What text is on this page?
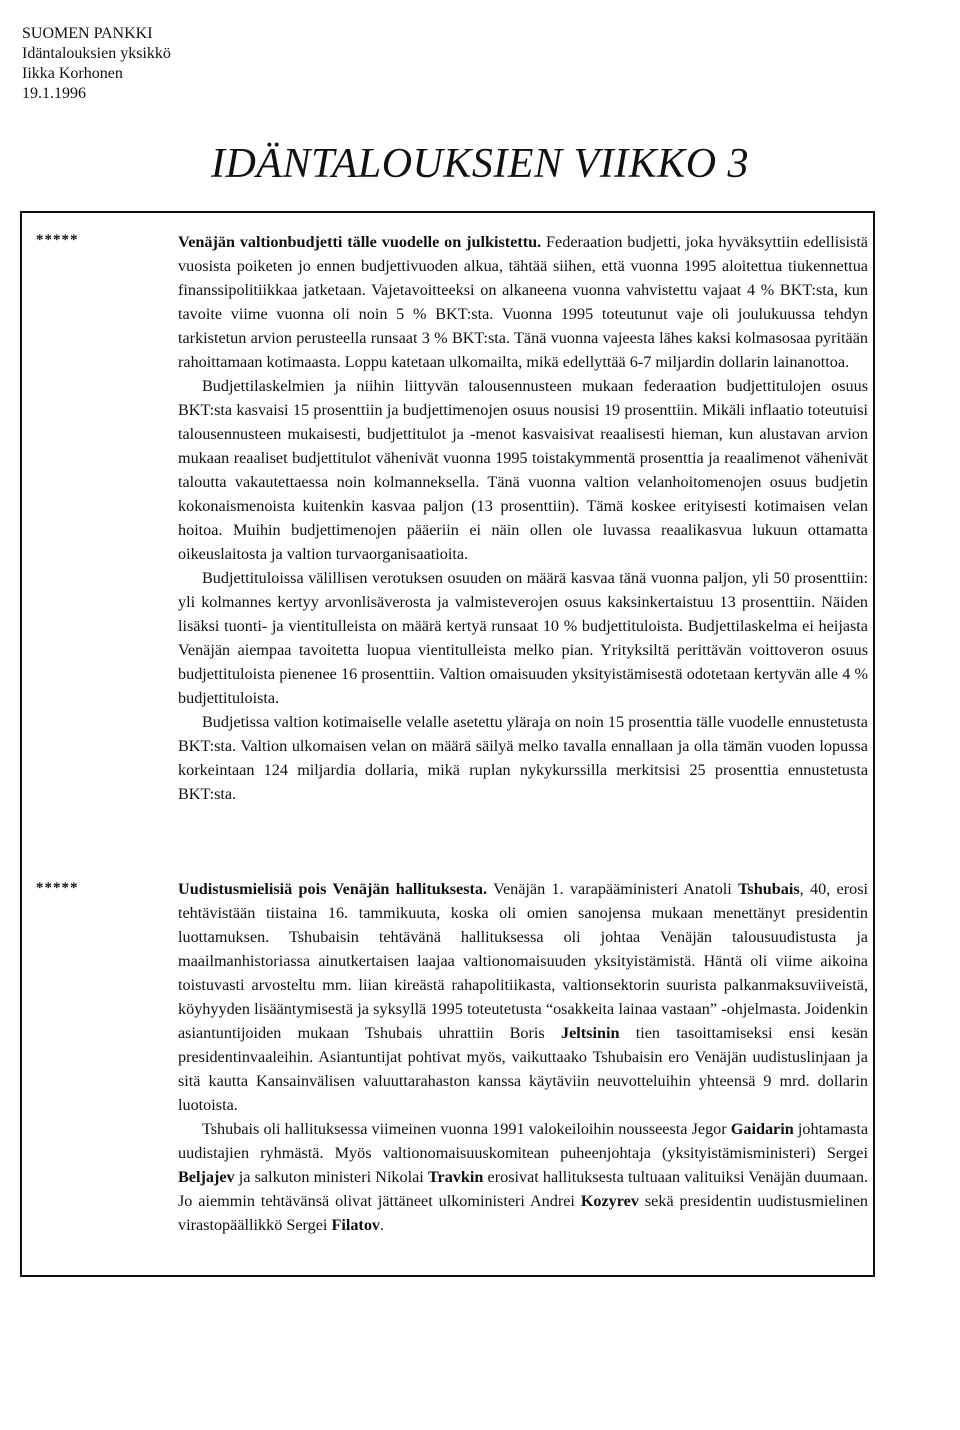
SUOMEN PANKKI
Idäntalouksien yksikkö
Iikka Korhonen
19.1.1996
IDÄNTALOUKSIEN VIIKKO 3
*****	Venäjän valtionbudjetti tälle vuodelle on julkistettu. Federaation budjetti, joka hyväksyttiin edellisistä vuosista poiketen jo ennen budjettivuoden alkua, tähtää siihen, että vuonna 1995 aloitettua tiukennettua finanssipolitiikkaa jatketaan. Vajetavoitteeksi on alkaneena vuonna vahvistettu vajaat 4 % BKT:sta, kun tavoite viime vuonna oli noin 5 % BKT:sta. Vuonna 1995 toteutunut vaje oli joulukuussa tehdyn tarkistetun arvion perusteella runsaat 3 % BKT:sta. Tänä vuonna vajeesta lähes kaksi kolmasosaa pyritään rahoittamaan kotimaasta. Loppu katetaan ulkomailta, mikä edellyttää 6-7 miljardin dollarin lainanottoa.

Budjettilaskelmien ja niihin liittyvän talousennusteen mukaan federaation budjettitulojen osuus BKT:sta kasvaisi 15 prosenttiin ja budjettimenojen osuus nousisi 19 prosenttiin. Mikäli inflaatio toteutuisi talousennusteen mukaisesti, budjettitulot ja -menot kasvaisivat reaalisesti hieman, kun alustavan arvion mukaan reaaliset budjettitulot vähenivät vuonna 1995 toistakymmentä prosenttia ja reaalimenot vähenivät taloutta vakautettaessa noin kolmanneksella. Tänä vuonna valtion velanhoitomenojen osuus budjetin kokonaismenoista kuitenkin kasvaa paljon (13 prosenttiin). Tämä koskee erityisesti kotimaisen velan hoitoa. Muihin budjettimenojen pääeriin ei näin ollen ole luvassa reaalikasvua lukuun ottamatta oikeuslaitosta ja valtion turvaorganisaatioita.

Budjettituloissa välillisen verotuksen osuuden on määrä kasvaa tänä vuonna paljon, yli 50 prosenttiin: yli kolmannes kertyy arvonlisäverosta ja valmisteverojen osuus kaksinkertaistuu 13 prosenttiin. Näiden lisäksi tuonti- ja vientitulleista on määrä kertyä runsaat 10 % budjettituloista. Budjettilaskelma ei heijasta Venäjän aiempaa tavoitetta luopua vientitulleista melko pian. Yrityksiltä perittävän voittoveron osuus budjettituloista pienenee 16 prosenttiin. Valtion omaisuuden yksityistämisestä odotetaan kertyvän alle 4 % budjettituloista.

Budjetissa valtion kotimaiselle velalle asetettu yläraja on noin 15 prosenttia tälle vuodelle ennustetusta BKT:sta. Valtion ulkomaisen velan on määrä säilyä melko tavalla ennallaan ja olla tämän vuoden lopussa korkeintaan 124 miljardia dollaria, mikä ruplan nykykurssilla merkitsisi 25 prosenttia ennustetusta BKT:sta.

*****	Uudistusmielisiä pois Venäjän hallituksesta. Venäjän 1. varapääministeri Anatoli Tshubais, 40, erosi tehtävistään tiistaina 16. tammikuuta, koska oli omien sanojensa mukaan menettänyt presidentin luottamuksen. Tshubaisin tehtävänä hallituksessa oli johtaa Venäjän talousuudistusta ja maailmanhistoriassa ainutkertaisen laajaa valtionomaisuuden yksityistämistä. Häntä oli viime aikoina toistuvasti arvosteltu mm. liian kireästä rahapolitiikasta, valtionsektorin suurista palkanmaksuviiveistä, köyhyyden lisääntymisestä ja syksyllä 1995 toteutetusta “osakkeita lainaa vastaan” -ohjelmasta. Joidenkin asiantuntijoiden mukaan Tshubais uhrattiin Boris Jeltsinin tien tasoittamiseksi ensi kesän presidentinvaaleihin. Asiantuntijat pohtivat myös, vaikuttaako Tshubaisin ero Venäjän uudistuslinjaan ja sitä kautta Kansainvälisen valuuttarahaston kanssa käytäviin neuvotteluihin yhteensä 9 mrd. dollarin luotoista.

Tshubais oli hallituksessa viimeinen vuonna 1991 valokeiloihin nousseesta Jegor Gaidarin johtamasta uudistajien ryhmästä. Myös valtionomaisuuskomitean puheenjohtaja (yksityistämisministeri) Sergei Beljajev ja salkuton ministeri Nikolai Travkin erosivat hallituksesta tultuaan valituiksi Venäjän duumaan. Jo aiemmin tehtävänsä olivat jättäneet ulkoministeri Andrei Kozyrev sekä presidentin uudistusmielinen virastopäällikkö Sergei Filatov.
